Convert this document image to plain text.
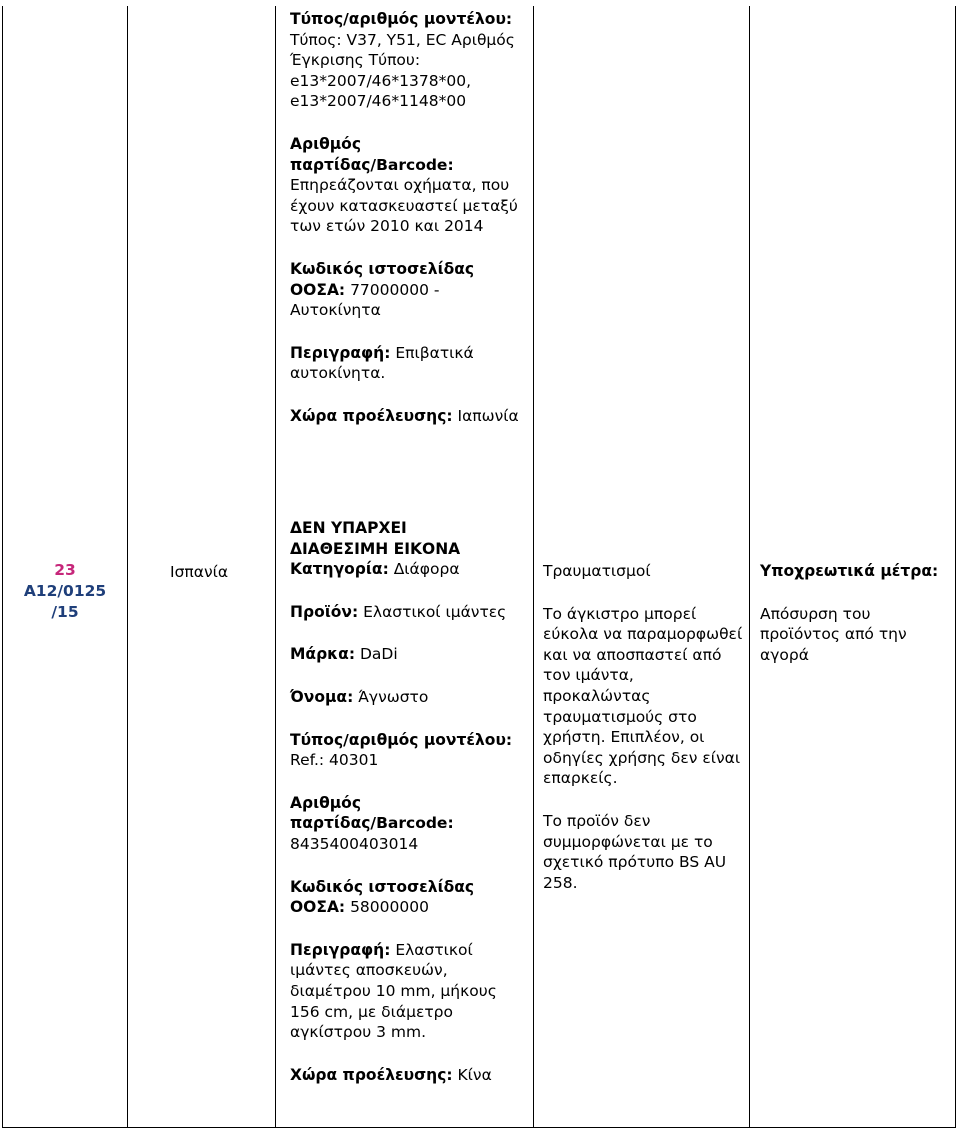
Τύπος/αριθμός μοντέλου: Τύπος: V37, Y51, EC Αριθμός Έγκρισης Τύπου: e13*2007/46*1378*00, e13*2007/46*1148*00

Αριθμός παρτίδας/Barcode: Επηρεάζονται οχήματα, που έχουν κατασκευαστεί μεταξύ των ετών 2010 και 2014

Κωδικός ιστοσελίδας ΟΟΣΑ: 77000000 - Αυτοκίνητα

Περιγραφή: Επιβατικά αυτοκίνητα.

Χώρα προέλευσης: Ιαπωνία

23

A12/0125

/15

Ισπανία

ΔΕΝ ΥΠΑΡΧΕΙ

ΔΙΑΘΕΣΙΜΗ ΕΙΚΟΝΑ

Κατηγορία: Διάφορα

Προϊόν: Ελαστικοί ιμάντες

Μάρκα: DaDi

Όνομα: Άγνωστο

Τύπος/αριθμός μοντέλου: Ref.: 40301

Αριθμός παρτίδας/Barcode: 8435400403014

Κωδικός ιστοσελίδας ΟΟΣΑ: 58000000

Περιγραφή: Ελαστικοί ιμάντες αποσκευών, διαμέτρου 10 mm, μήκους 156 cm, με διάμετρο αγκίστρου 3 mm.

Χώρα προέλευσης: Κίνα

Τραυματισμοί

Το άγκιστρο μπορεί εύκολα να παραμορφωθεί και να αποσπαστεί από τον ιμάντα, προκαλώντας τραυματισμούς στο χρήστη. Επιπλέον, οι οδηγίες χρήσης δεν είναι επαρκείς.

Το προϊόν δεν συμμορφώνεται με το σχετικό πρότυπο BS AU 258.

Υποχρεωτικά μέτρα:

Απόσυρση του προϊόντος από την αγορά
